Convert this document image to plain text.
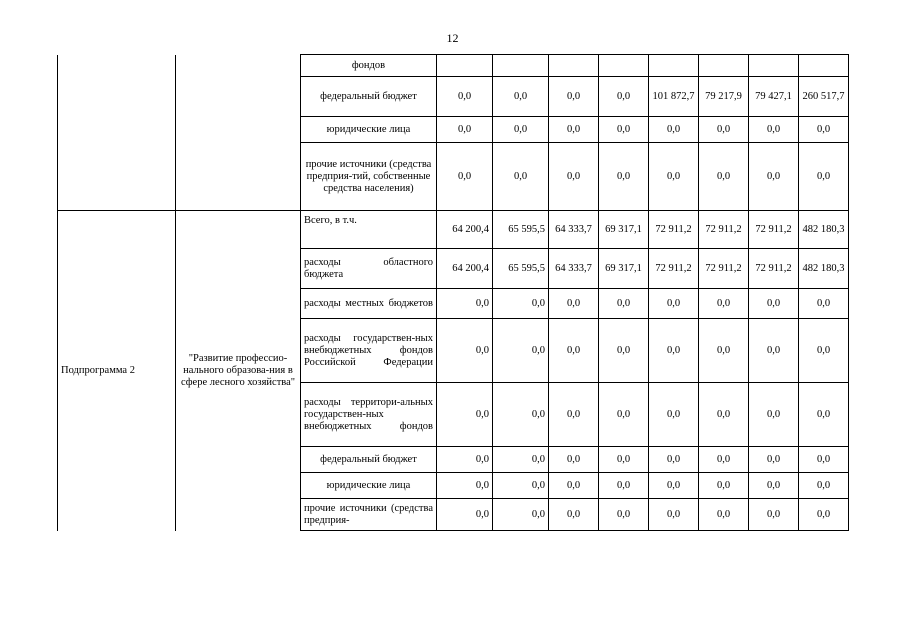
12
		фондов								
		федеральный бюджет	0,0	0,0	0,0	0,0	101 872,7	79 217,9	79 427,1	260 517,7
		юридические лица	0,0	0,0	0,0	0,0	0,0	0,0	0,0	0,0
		прочие источники (средства предприя-тий, собственные средства населения)	0,0	0,0	0,0	0,0	0,0	0,0	0,0	0,0
Подпрограмма 2	"Развитие профессио-нального образова-ния в сфере лесного хозяйства"	Всего, в т.ч.	64 200,4	65 595,5	64 333,7	69 317,1	72 911,2	72 911,2	72 911,2	482 180,3
		расходы областного бюджета	64 200,4	65 595,5	64 333,7	69 317,1	72 911,2	72 911,2	72 911,2	482 180,3
		расходы местных бюджетов	0,0	0,0	0,0	0,0	0,0	0,0	0,0	0,0
		расходы государствен-ных внебюджетных фондов Российской Федерации	0,0	0,0	0,0	0,0	0,0	0,0	0,0	0,0
		расходы территори-альных государствен-ных внебюджетных фондов	0,0	0,0	0,0	0,0	0,0	0,0	0,0	0,0
		федеральный бюджет	0,0	0,0	0,0	0,0	0,0	0,0	0,0	0,0
		юридические лица	0,0	0,0	0,0	0,0	0,0	0,0	0,0	0,0
		прочие источники (средства предприя-	0,0	0,0	0,0	0,0	0,0	0,0	0,0	0,0
